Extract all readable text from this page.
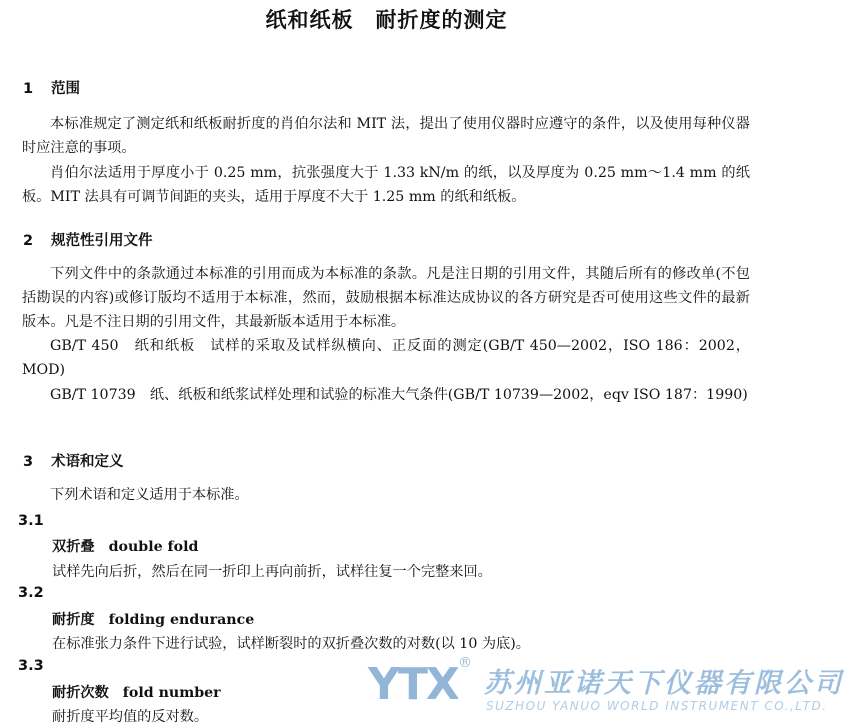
纸和纸板　耐折度的测定
1 范围
本标准规定了测定纸和纸板耐折度的肖伯尔法和 MIT 法，提出了使用仪器时应遵守的条件，以及使用每种仪器时应注意的事项。
肖伯尔法适用于厚度小于 0.25 mm，抗张强度大于 1.33 kN/m 的纸，以及厚度为 0.25 mm～1.4 mm 的纸板。MIT 法具有可调节间距的夹头，适用于厚度不大于 1.25 mm 的纸和纸板。
2 规范性引用文件
下列文件中的条款通过本标准的引用而成为本标准的条款。凡是注日期的引用文件，其随后所有的修改单(不包括勘误的内容)或修订版均不适用于本标准，然而，鼓励根据本标准达成协议的各方研究是否可使用这些文件的最新版本。凡是不注日期的引用文件，其最新版本适用于本标准。
GB/T 450　纸和纸板　试样的采取及试样纵横向、正反面的测定(GB/T 450—2002，ISO 186：2002，MOD)
GB/T 10739　纸、纸板和纸浆试样处理和试验的标准大气条件(GB/T 10739—2002，eqv ISO 187：1990)
3 术语和定义
下列术语和定义适用于本标准。
3.1
双折叠 double fold
试样先向后折，然后在同一折印上再向前折，试样往复一个完整来回。
3.2
耐折度 folding endurance
在标准张力条件下进行试验，试样断裂时的双折叠次数的对数(以 10 为底)。
3.3
耐折次数 fold number
耐折度平均值的反对数。
YTX ®
苏州亚诺天下仪器有限公司
SUZHOU YANUO WORLD INSTRUMENT CO.,LTD.
